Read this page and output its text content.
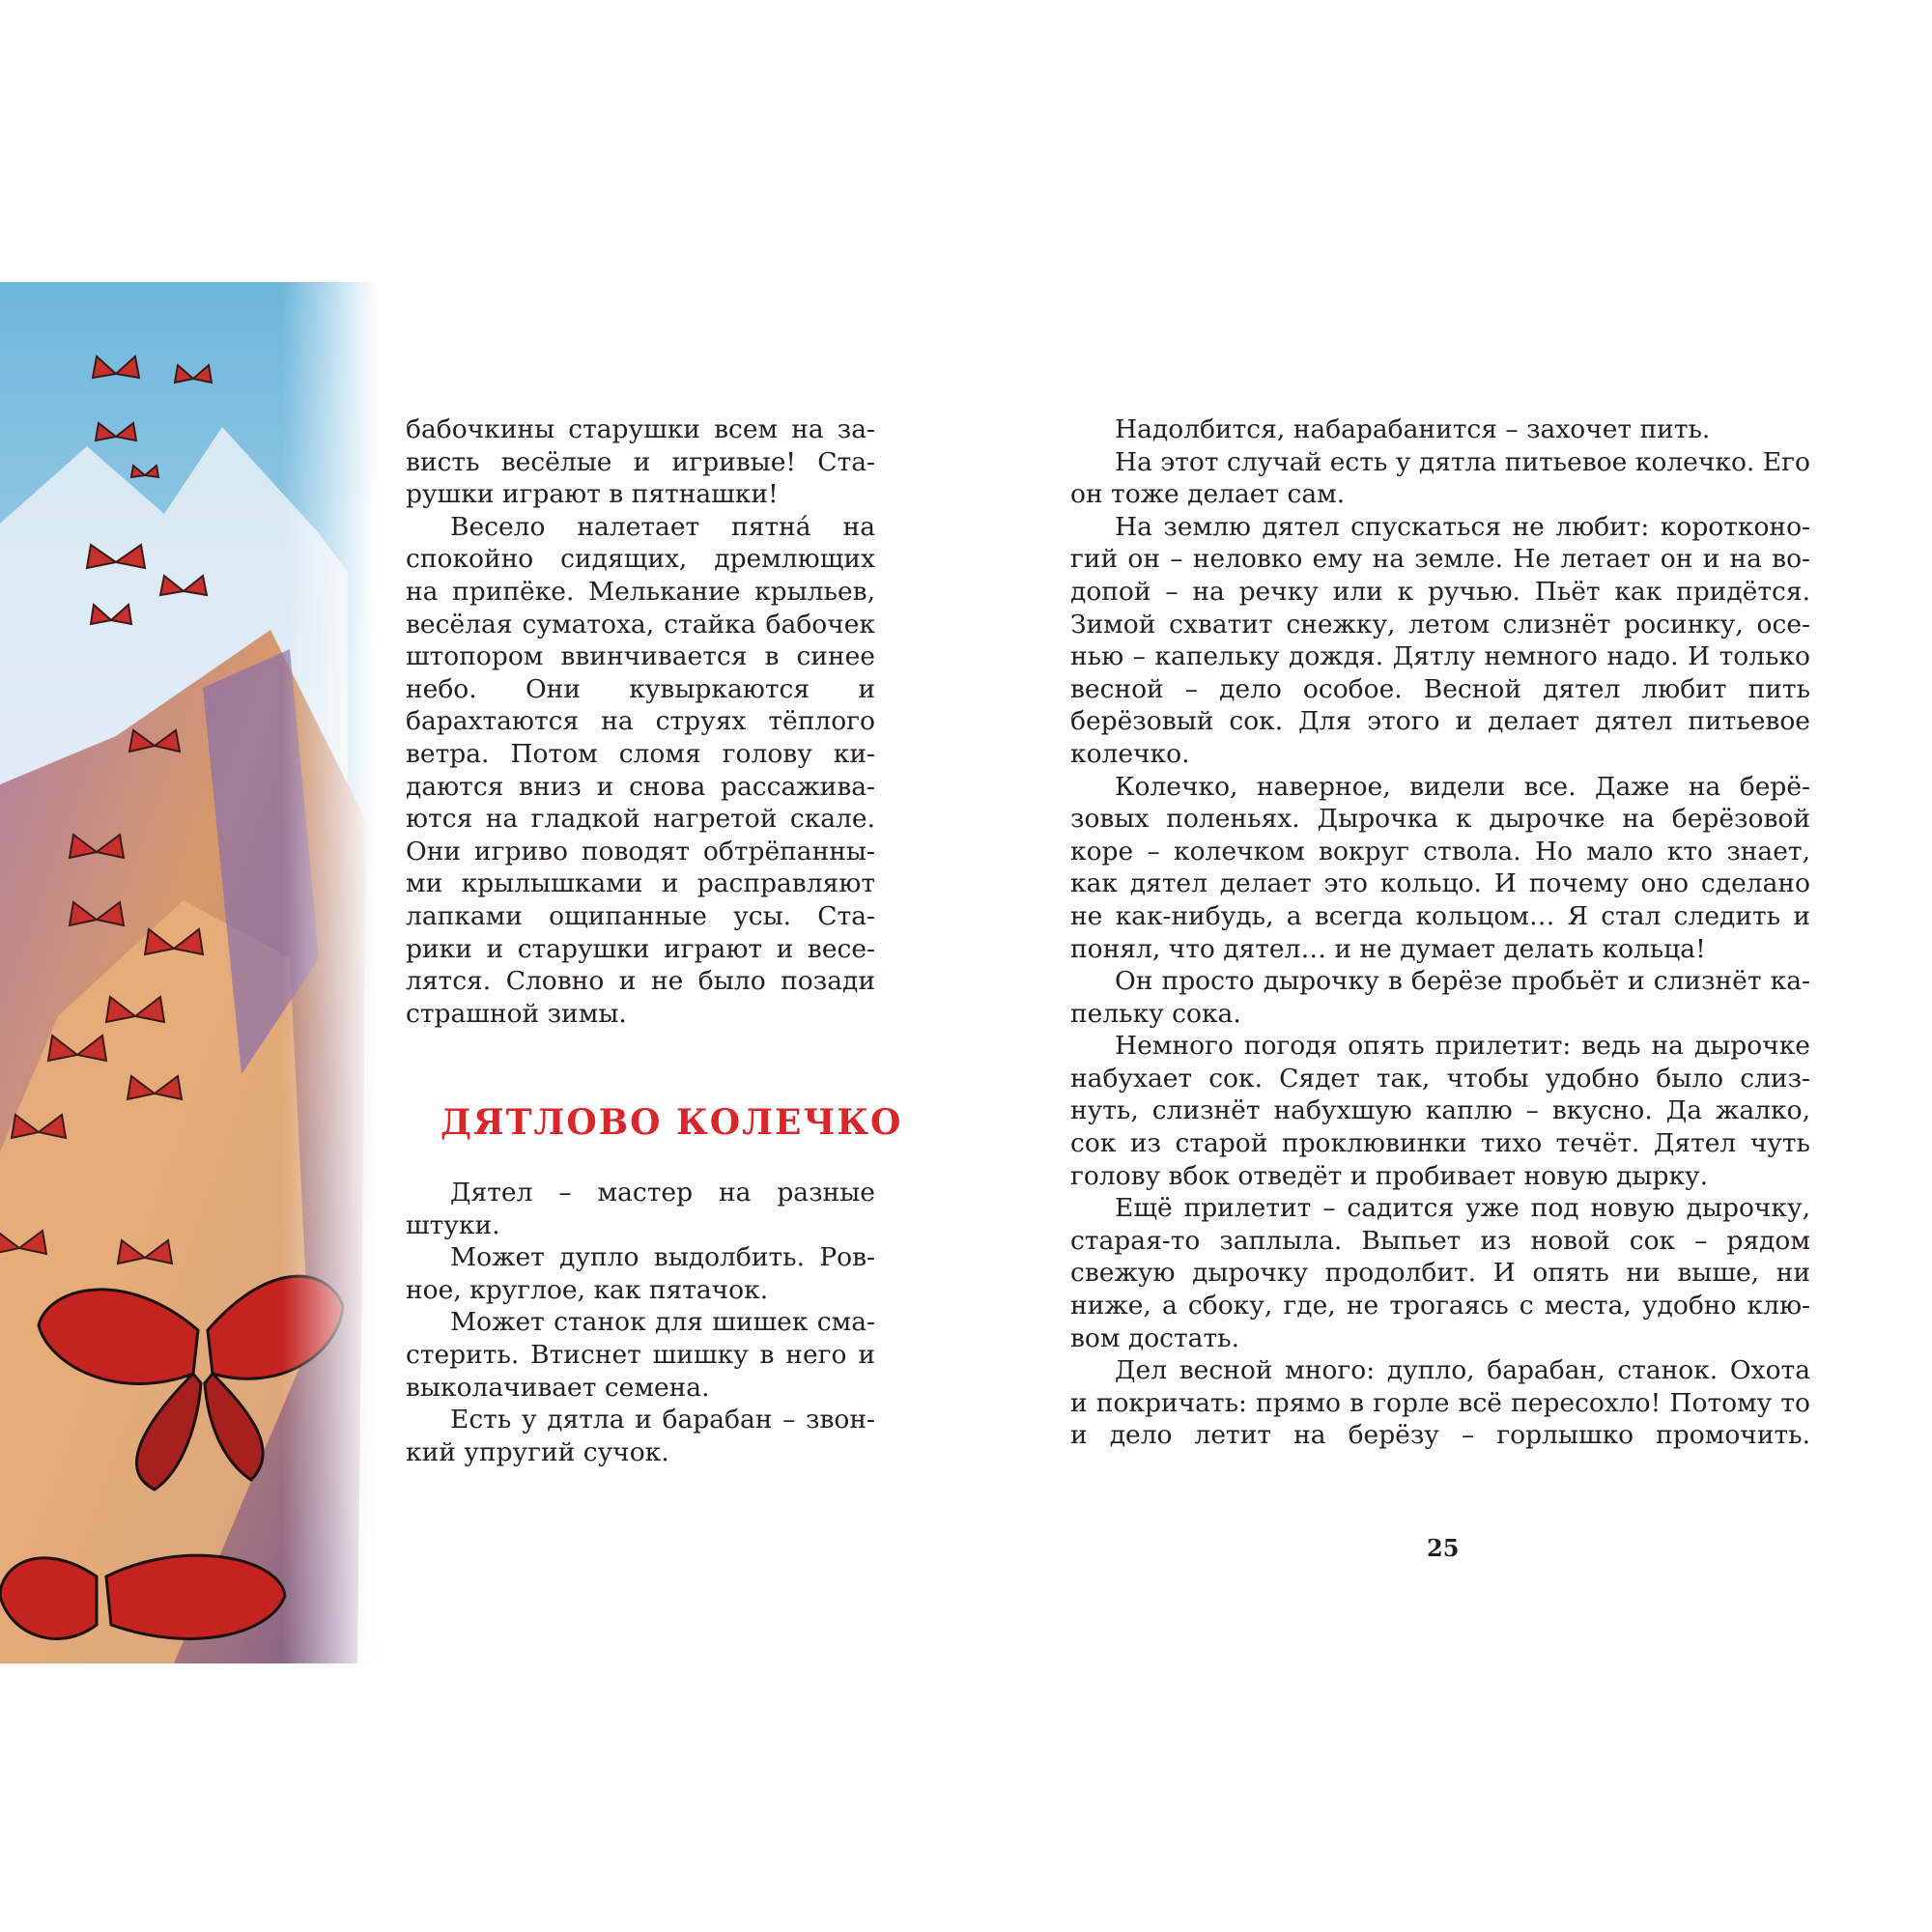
бабочкины старушки всем на зависть весёлые и игривые! Старушки играют в пятнашки!

Весело налетает пятна́ на спокойно сидящих, дремлющих на припёке. Мелькание крыльев, весёлая суматоха, стайка бабочек штопором ввинчивается в синее небо. Они кувыркаются и барахтаются на струях тёплого ветра. Потом сломя голову кидаются вниз и снова рассаживаются на гладкой нагретой скале. Они игриво поводят обтрёпанными крылышками и расправляют лапками ощипанные усы. Старики и старушки играют и веселятся. Словно и не было позади страшной зимы.

ДЯТЛОВО КОЛЕЧКО

Дятел – мастер на разные штуки.

Может дупло выдолбить. Ровное, круглое, как пятачок.

Может станок для шишек смастерить. Втиснет шишку в него и выколачивает семена.

Есть у дятла и барабан – звонкий упругий сучок.

Надолбится, набарабанится – захочет пить.

На этот случай есть у дятла питьевое колечко. Его он тоже делает сам.

На землю дятел спускаться не любит: коротконогий он – неловко ему на земле. Не летает он и на водопой – на речку или к ручью. Пьёт как придётся. Зимой схватит снежку, летом слизнёт росинку, осенью – капельку дождя. Дятлу немного надо. И только весной – дело особое. Весной дятел любит пить берёзовый сок. Для этого и делает дятел питьевое колечко.

Колечко, наверное, видели все. Даже на берёзовых поленьях. Дырочка к дырочке на берёзовой коре – колечком вокруг ствола. Но мало кто знает, как дятел делает это кольцо. И почему оно сделано не как-нибудь, а всегда кольцом… Я стал следить и понял, что дятел… и не думает делать кольца!

Он просто дырочку в берёзе пробьёт и слизнёт капельку сока.

Немного погодя опять прилетит: ведь на дырочке набухает сок. Сядет так, чтобы удобно было слизнуть, слизнёт набухшую каплю – вкусно. Да жалко, сок из старой проклювинки тихо течёт. Дятел чуть голову вбок отведёт и пробивает новую дырку.

Ещё прилетит – садится уже под новую дырочку, старая-то заплыла. Выпьет из новой сок – рядом свежую дырочку продолбит. И опять ни выше, ни ниже, а сбоку, где, не трогаясь с места, удобно клювом достать.

Дел весной много: дупло, барабан, станок. Охота и покричать: прямо в горле всё пересохло! Потому то и дело летит на берёзу – горлышко промочить.

25
